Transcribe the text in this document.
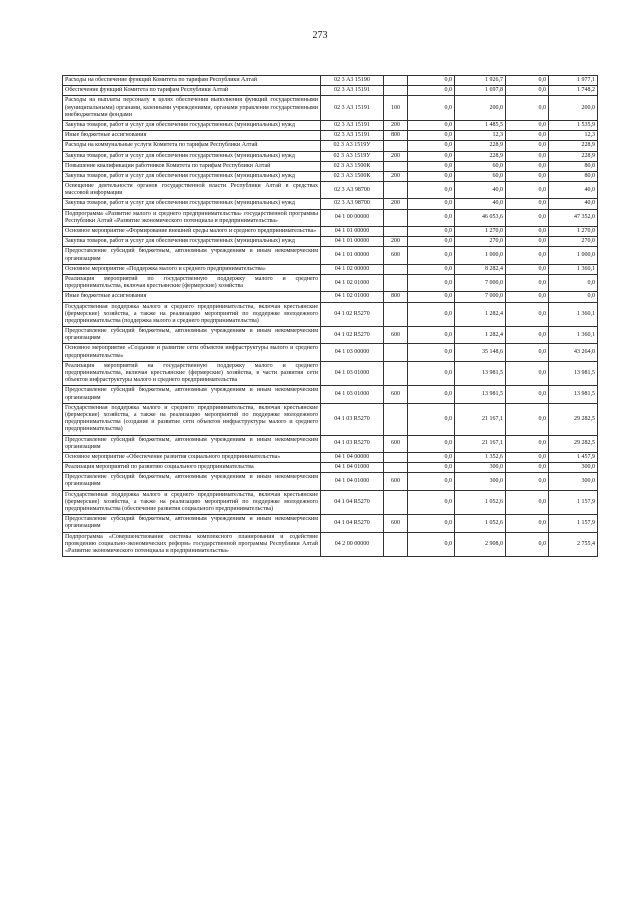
273
Расходы на обеспечение функций Комитета по тарифам Республики Алтай	02 3 А3 15190		0,0	1 926,7	0,0	1 977,1
Обеспечение функций Комитета по тарифам Республики Алтай	02 3 А3 15191		0,0	1 697,8	0,0	1 748,2
Расходы на выплаты персоналу в целях обеспечения выполнения функций государственными (муниципальными) органами, казенными учреждениями, органами управления государственными внебюджетными фондами	02 3 А3 15191	100	0,0	200,0	0,0	200,0
Закупка товаров, работ и услуг для обеспечения государственных (муниципальных) нужд	02 3 А3 15191	200	0,0	1 485,5	0,0	1 535,9
Иные бюджетные ассигнования	02 3 А3 15191	800	0,0	12,3	0,0	12,3
Расходы на коммунальные услуги Комитета по тарифам Республики Алтай	02 3 А3 1519У		0,0	228,9	0,0	228,9
Закупка товаров, работ и услуг для обеспечения государственных (муниципальных) нужд	02 3 А3 1519У	200	0,0	228,9	0,0	228,9
Повышение квалификации работников Комитета по тарифам Республики Алтай	02 3 А3 1500К		0,0	60,0	0,0	80,0
Закупка товаров, работ и услуг для обеспечения государственных (муниципальных) нужд	02 3 А3 1500К	200	0,0	60,0	0,0	80,0
Освещение деятельности органов государственной власти Республики Алтай в средствах массовой информации	02 3 А3 98700		0,0	40,0	0,0	40,0
Закупка товаров, работ и услуг для обеспечения государственных (муниципальных) нужд	02 3 А3 98700	200	0,0	40,0	0,0	40,0
Подпрограмма «Развитие малого и среднего предпринимательства» государственной программы Республики Алтай «Развитие экономического потенциала и предпринимательства»	04 1 00 00000		0,0	46 053,6	0,0	47 352,0
Основное мероприятие «Формирование внешней среды малого и среднего предпринимательства»	04 1 01 00000		0,0	1 270,0	0,0	1 270,0
Закупка товаров, работ и услуг для обеспечения государственных (муниципальных) нужд	04 1 01 00000	200	0,0	270,0	0,0	270,0
Предоставление субсидий бюджетным, автономным учреждениям и иным некоммерческим организациям	04 1 01 00000	600	0,0	1 000,0	0,0	1 000,0
Основное мероприятие «Поддержка малого и среднего предпринимательства»	04 1 02 00000		0,0	8 282,4	0,0	1 360,1
Реализация мероприятий по государственную поддержку малого и среднего предпринимательства, включая крестьянские (фермерские) хозяйства	04 1 02 01000		0,0	7 000,0	0,0	0,0
Иные бюджетные ассигнования	04 1 02 01000	800	0,0	7 000,0	0,0	0,0
Государственная поддержка малого и среднего предпринимательства, включая крестьянские (фермерские) хозяйства, а также на реализацию мероприятий по поддержке молодежного предпринимательства (поддержка малого и среднего предпринимательства)	04 1 02 R5270		0,0	1 282,4	0,0	1 360,1
Предоставление субсидий бюджетным, автономным учреждениям и иным некоммерческим организациям	04 1 02 R5270	600	0,0	1 282,4	0,0	1 360,1
Основное мероприятие «Создание и развитие сети объектов инфраструктуры малого и среднего предпринимательства»	04 1 03 00000		0,0	35 148,6	0,0	43 264,0
Реализация мероприятий на государственную поддержку малого и среднего предпринимательства, включая крестьянские (фермерские) хозяйства, в части развития сети объектов инфраструктуры малого и среднего предпринимательства	04 1 03 01000		0,0	13 981,5	0,0	13 981,5
Предоставление субсидий бюджетным, автономным учреждениям и иным некоммерческим организациям	04 1 03 01000	600	0,0	13 981,5	0,0	13 981,5
Государственная поддержка малого и среднего предпринимательства, включая крестьянские (фермерские) хозяйства, а также на реализацию мероприятий по поддержке молодежного предпринимательства (создание и развитие сети объектов инфраструктуры малого и среднего предпринимательства)	04 1 03 R5270		0,0	21 167,1	0,0	29 282,5
Предоставление субсидий бюджетным, автономным учреждениям и иным некоммерческим организациям	04 1 03 R5270	600	0,0	21 167,1	0,0	29 282,5
Основное мероприятие «Обеспечение развития социального предпринимательства»	04 1 04 00000		0,0	1 352,6	0,0	1 457,9
Реализация мероприятий по развитию социального предпринимательства	04 1 04 01000		0,0	300,0	0,0	300,0
Предоставление субсидий бюджетным, автономным учреждениям и иным некоммерческим организациям	04 1 04 01000	600	0,0	300,0	0,0	300,0
Государственная поддержка малого и среднего предпринимательства, включая крестьянские (фермерские) хозяйства, а также на реализацию мероприятий по поддержке молодежного предпринимательства (обеспечение развития социального предпринимательства)	04 1 04 R5270		0,0	1 052,6	0,0	1 157,9
Предоставление субсидий бюджетным, автономным учреждениям и иным некоммерческим организациям	04 1 04 R5270	600	0,0	1 052,6	0,0	1 157,9
Подпрограмма «Совершенствование системы комплексного планирования и содействие проведению социально-экономических реформ» государственной программы Республики Алтай «Развитие экономического потенциала и предпринимательства»	04 2 00 00000		0,0	2 908,0	0,0	2 755,4
